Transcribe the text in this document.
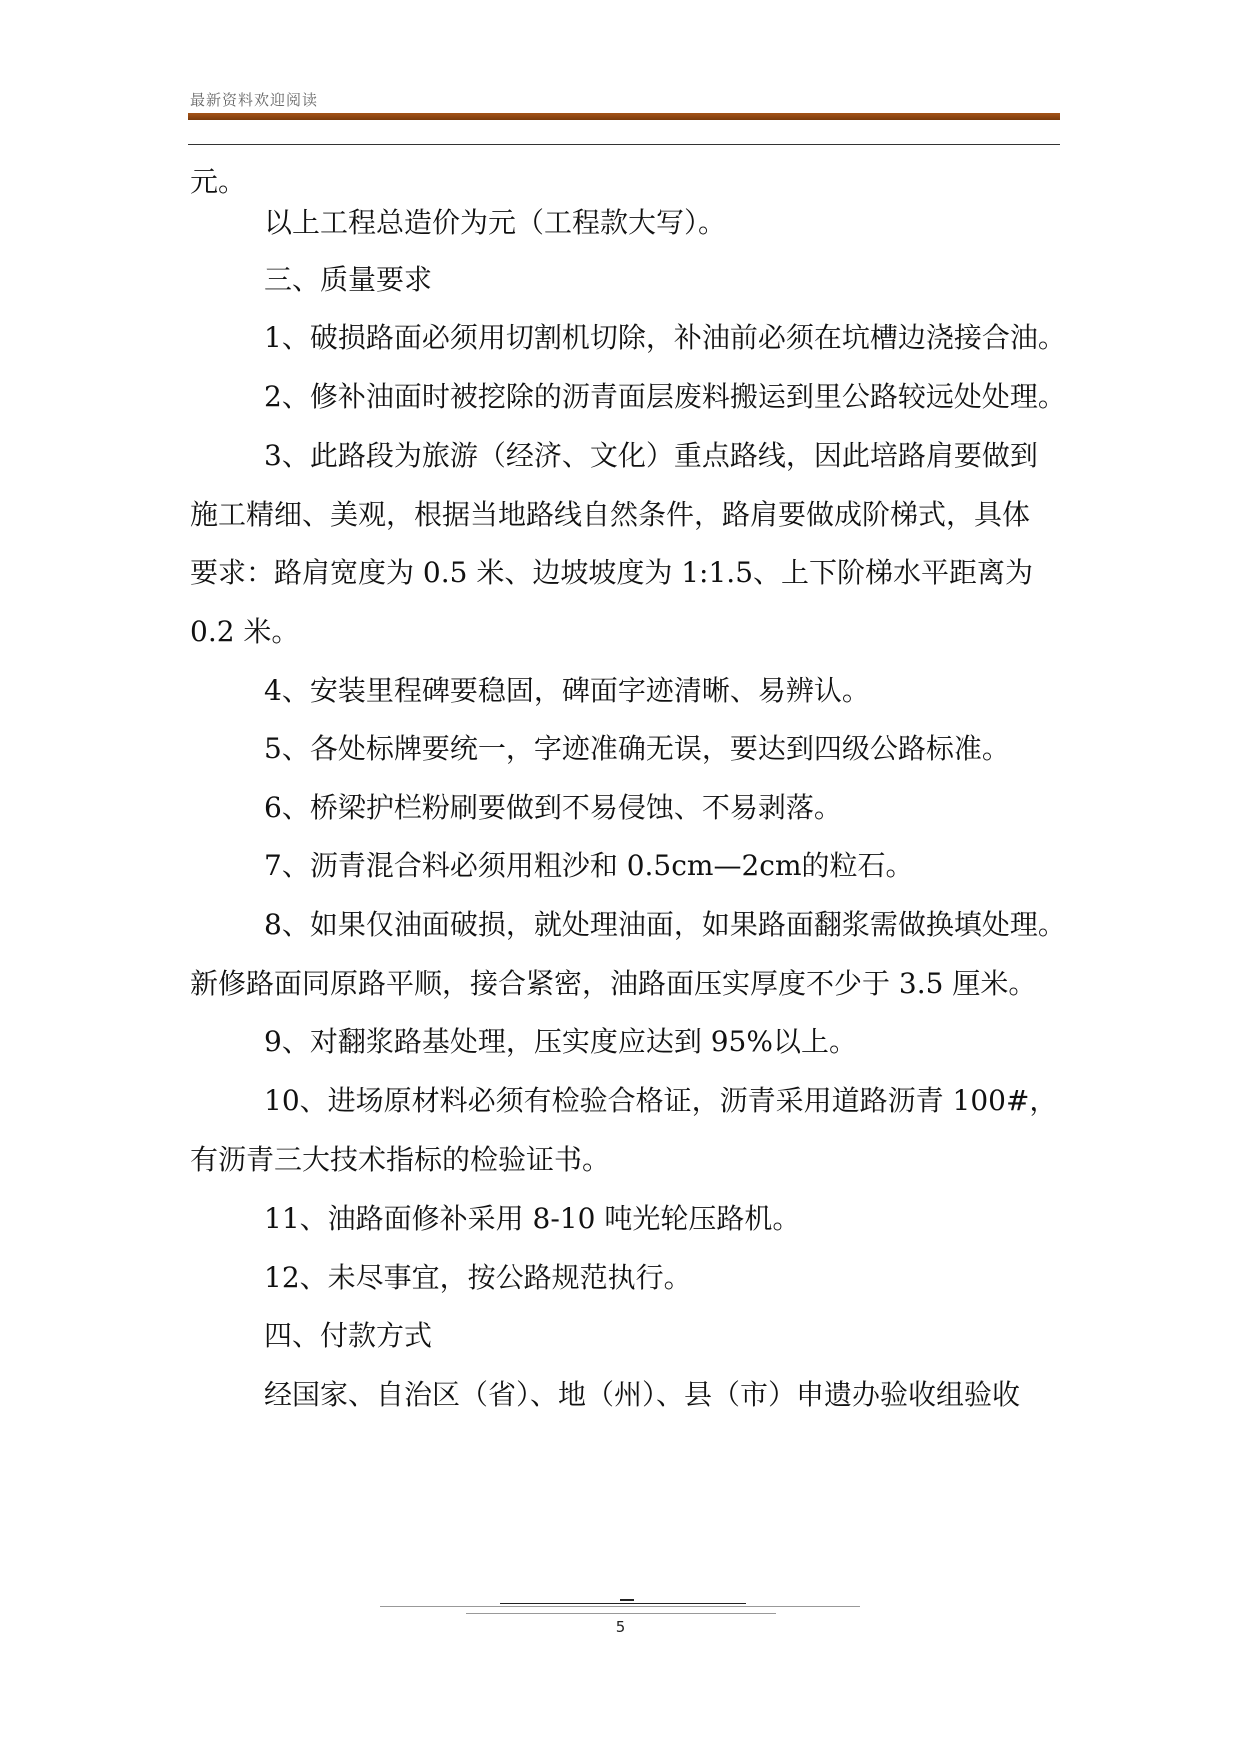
最新资料欢迎阅读

元。

以上工程总造价为元（工程款大写）。

三、质量要求

1、破损路面必须用切割机切除，补油前必须在坑槽边浇接合油。

2、修补油面时被挖除的沥青面层废料搬运到里公路较远处处理。

3、此路段为旅游（经济、文化）重点路线，因此培路肩要做到

施工精细、美观，根据当地路线自然条件，路肩要做成阶梯式，具体

要求：路肩宽度为 0.5 米、边坡坡度为 1:1.5、上下阶梯水平距离为

0.2 米。

4、安装里程碑要稳固，碑面字迹清晰、易辨认。

5、各处标牌要统一，字迹准确无误，要达到四级公路标准。

6、桥梁护栏粉刷要做到不易侵蚀、不易剥落。

7、沥青混合料必须用粗沙和 0.5cm—2cm的粒石。

8、如果仅油面破损，就处理油面，如果路面翻浆需做换填处理。

新修路面同原路平顺，接合紧密，油路面压实厚度不少于 3.5 厘米。

9、对翻浆路基处理，压实度应达到 95%以上。

10、进场原材料必须有检验合格证，沥青采用道路沥青 100#，

有沥青三大技术指标的检验证书。

11、油路面修补采用 8-10 吨光轮压路机。

12、未尽事宜，按公路规范执行。

四、付款方式

经国家、自治区（省）、地（州）、县（市）申遗办验收组验收

5
